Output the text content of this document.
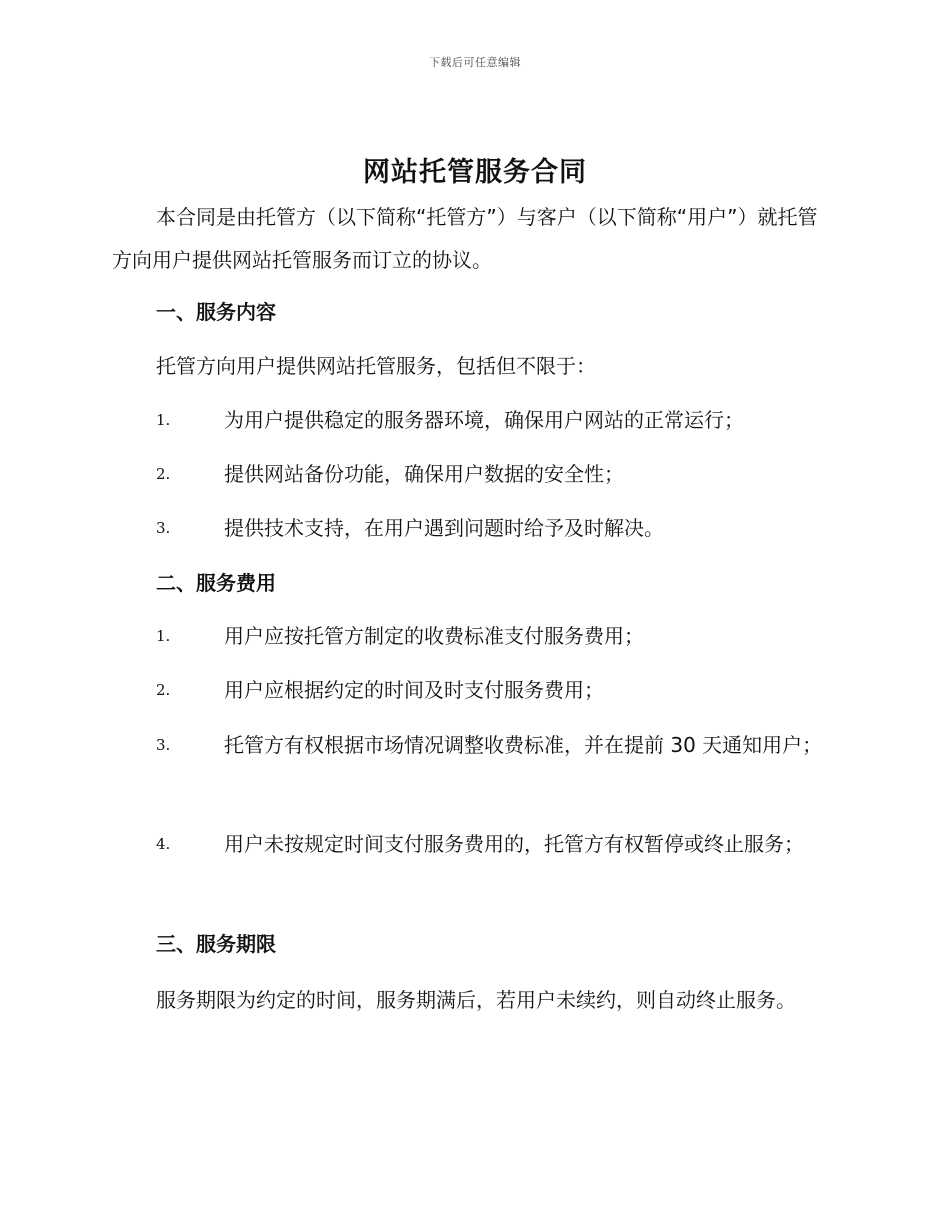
下载后可任意编辑
网站托管服务合同

本合同是由托管方（以下简称“托管方”）与客户（以下简称“用户”）就托管方向用户提供网站托管服务而订立的协议。

一、服务内容

托管方向用户提供网站托管服务，包括但不限于：

1.	为用户提供稳定的服务器环境，确保用户网站的正常运行；
2.	提供网站备份功能，确保用户数据的安全性；
3.	提供技术支持，在用户遇到问题时给予及时解决。

二、服务费用

1.	用户应按托管方制定的收费标准支付服务费用；
2.	用户应根据约定的时间及时支付服务费用；
3.	托管方有权根据市场情况调整收费标准，并在提前 30 天通知用户；
4.	用户未按规定时间支付服务费用的，托管方有权暂停或终止服务；

三、服务期限

服务期限为约定的时间，服务期满后，若用户未续约，则自动终止服务。
